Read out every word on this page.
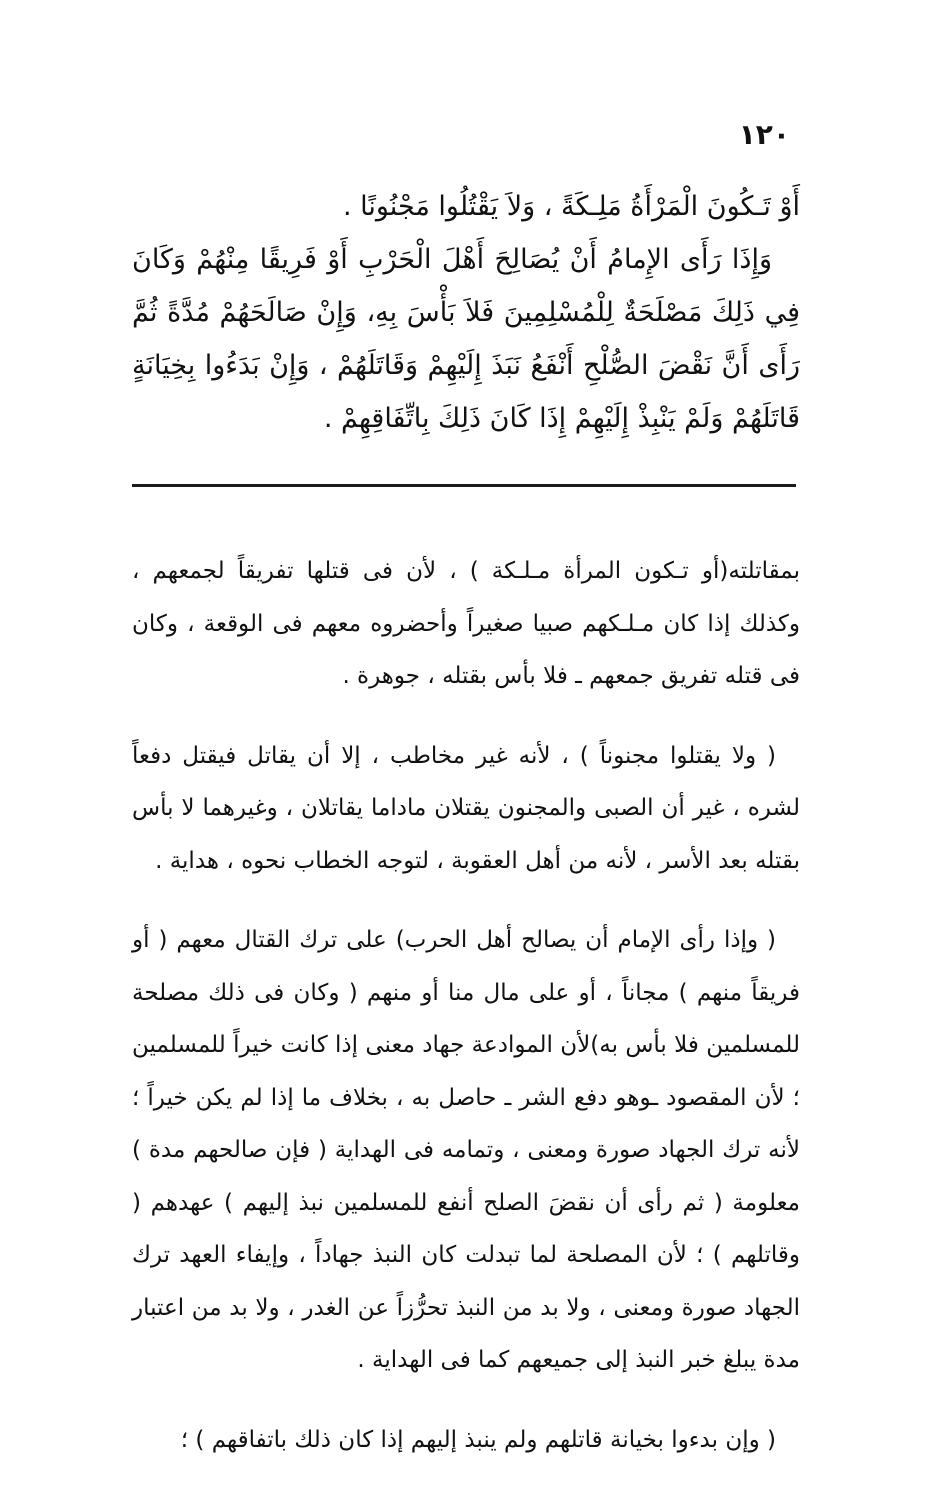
١٢٠

أَوْ تَـكُونَ الْمَرْأَةُ مَلِـكَةً ، وَلاَ يَقْتُلُوا مَجْنُونًا .

وَإِذَا رَأَى الإِمامُ أَنْ يُصَالِحَ أَهْلَ الْحَرْبِ أَوْ فَرِيقًا مِنْهُمْ وَكَانَ فِي ذَلِكَ مَصْلَحَةٌ لِلْمُسْلِمِينَ فَلاَ بَأْسَ بِهِ، وَإِنْ صَالَحَهُمْ مُدَّةً ثُمَّ رَأَى أَنَّ نَقْضَ الصُّلْحِ أَنْفَعُ نَبَذَ إِلَيْهِمْ وَقَاتَلَهُمْ ، وَإِنْ بَدَءُوا بِخِيَانَةٍ قَاتَلَهُمْ وَلَمْ يَنْبِذْ إِلَيْهِمْ إِذَا كَانَ ذَلِكَ بِاتِّفَاقِهِمْ .

بمقاتلته(أو تـكون المرأة مـلـكة ) ، لأن فى قتلها تفريقاً لجمعهم ، وكذلك إذا كان مـلـكهم صبيا صغيراً وأحضروه معهم فى الوقعة ، وكان فى قتله تفريق جمعهم ـ فلا بأس بقتله ، جوهرة .

( ولا يقتلوا مجنوناً ) ، لأنه غير مخاطب ، إلا أن يقاتل فيقتل دفعاً لشره ، غير أن الصبى والمجنون يقتلان ماداما يقاتلان ، وغيرهما لا بأس بقتله بعد الأسر ، لأنه من أهل العقوبة ، لتوجه الخطاب نحوه ، هداية .

( وإذا رأى الإمام أن يصالح أهل الحرب) على ترك القتال معهم ( أو فريقاً منهم ) مجاناً ، أو على مال منا أو منهم ( وكان فى ذلك مصلحة للمسلمين فلا بأس به)لأن الموادعة جهاد معنى إذا كانت خيراً للمسلمين ؛ لأن المقصود ـوهو دفع الشر ـ حاصل به ، بخلاف ما إذا لم يكن خيراً ؛ لأنه ترك الجهاد صورة ومعنى ، وتمامه فى الهداية ( فإن صالحهم مدة ) معلومة ( ثم رأى أن نقضَ الصلح أنفع للمسلمين نبذ إليهم ) عهدهم ( وقاتلهم ) ؛ لأن المصلحة لما تبدلت كان النبذ جهاداً ، وإيفاء العهد ترك الجهاد صورة ومعنى ، ولا بد من النبذ تحرُّزاً عن الغدر ، ولا بد من اعتبار مدة يبلغ خبر النبذ إلى جميعهم كما فى الهداية .

( وإن بدءوا بخيانة قاتلهم ولم ينبذ إليهم إذا كان ذلك باتفاقهم ) ؛
